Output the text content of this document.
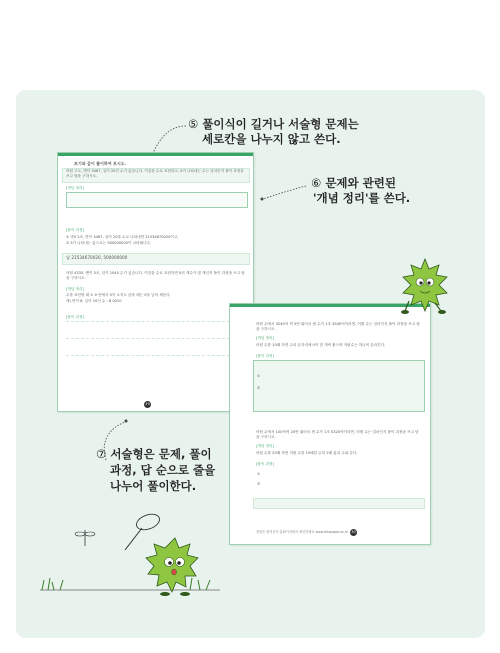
⑤ 풀이식이 길거나 서술형 문제는
세로칸을 나누지 않고 쓴다.
⑥ 문제와 관련된
'개념 정리'를 쓴다.
⑦ 서술형은 문제, 풀이
과정, 답 순으로 줄을
나누어 풀이한다.
보기와 같이 풀이하여 보시오.
어떤 고도, 맨이 3467, 일이 20인 수가 있습니다. 이것을 수로 표현하고, 5가 나타내는 수는 얼마인지 풀이 과정을 쓰고 답을 구하시오.
[개념 정리]
[풀이 과정]
① 만0 2조, 만이 3467, 일이 20을 수로 나타내면 21534670020이고,
② 5가 나타내는 값으로는 500000000이 나타냅니다.
답 21534670020, 500000000
어떤 4335, 맨이 0조, 일이 1040 수가 있습니다. 이것을 수로 표현하면 0의 개수가 몇 개인지 풀이 과정을 쓰고 답을 구하시오.
[개념 정리]
수를 표현할 때 ① 0 안에서 0이 오지도 않을 때는 0을 넣어 채운다.
예) 만이 8, 일이 10인 수 : 8 0010
[풀이 과정]
29
어떤 수에서 3240억 씩 5번 뛰어서 센 수가 1조 3540억이라면, 어떤 수는 얼마인지 풀이 과정을 쓰고 답을 구하시오.
[개념 정리]
어떤 수를 10배 하면 수의 끝자리에 0이 한 개씩 붙으며 자릿수는 하나씩 올라간다.
[풀이 과정]
①
②
어떤 수에서 100억씩 20번 뛰어서 센 수가 1조 5320억이라면, 어떤 수는 얼마인지 풀이 과정을 쓰고 답을 구하시오.
[개념 정리]
어떤 수를 20배 하면 어떤 수를 10배한 수의 2배 값과 수와 같다.
[풀이 과정]
①
②
정답은 편의상의 홈페이지에서 확인하세요 www.disepaper.ac.kr 30
